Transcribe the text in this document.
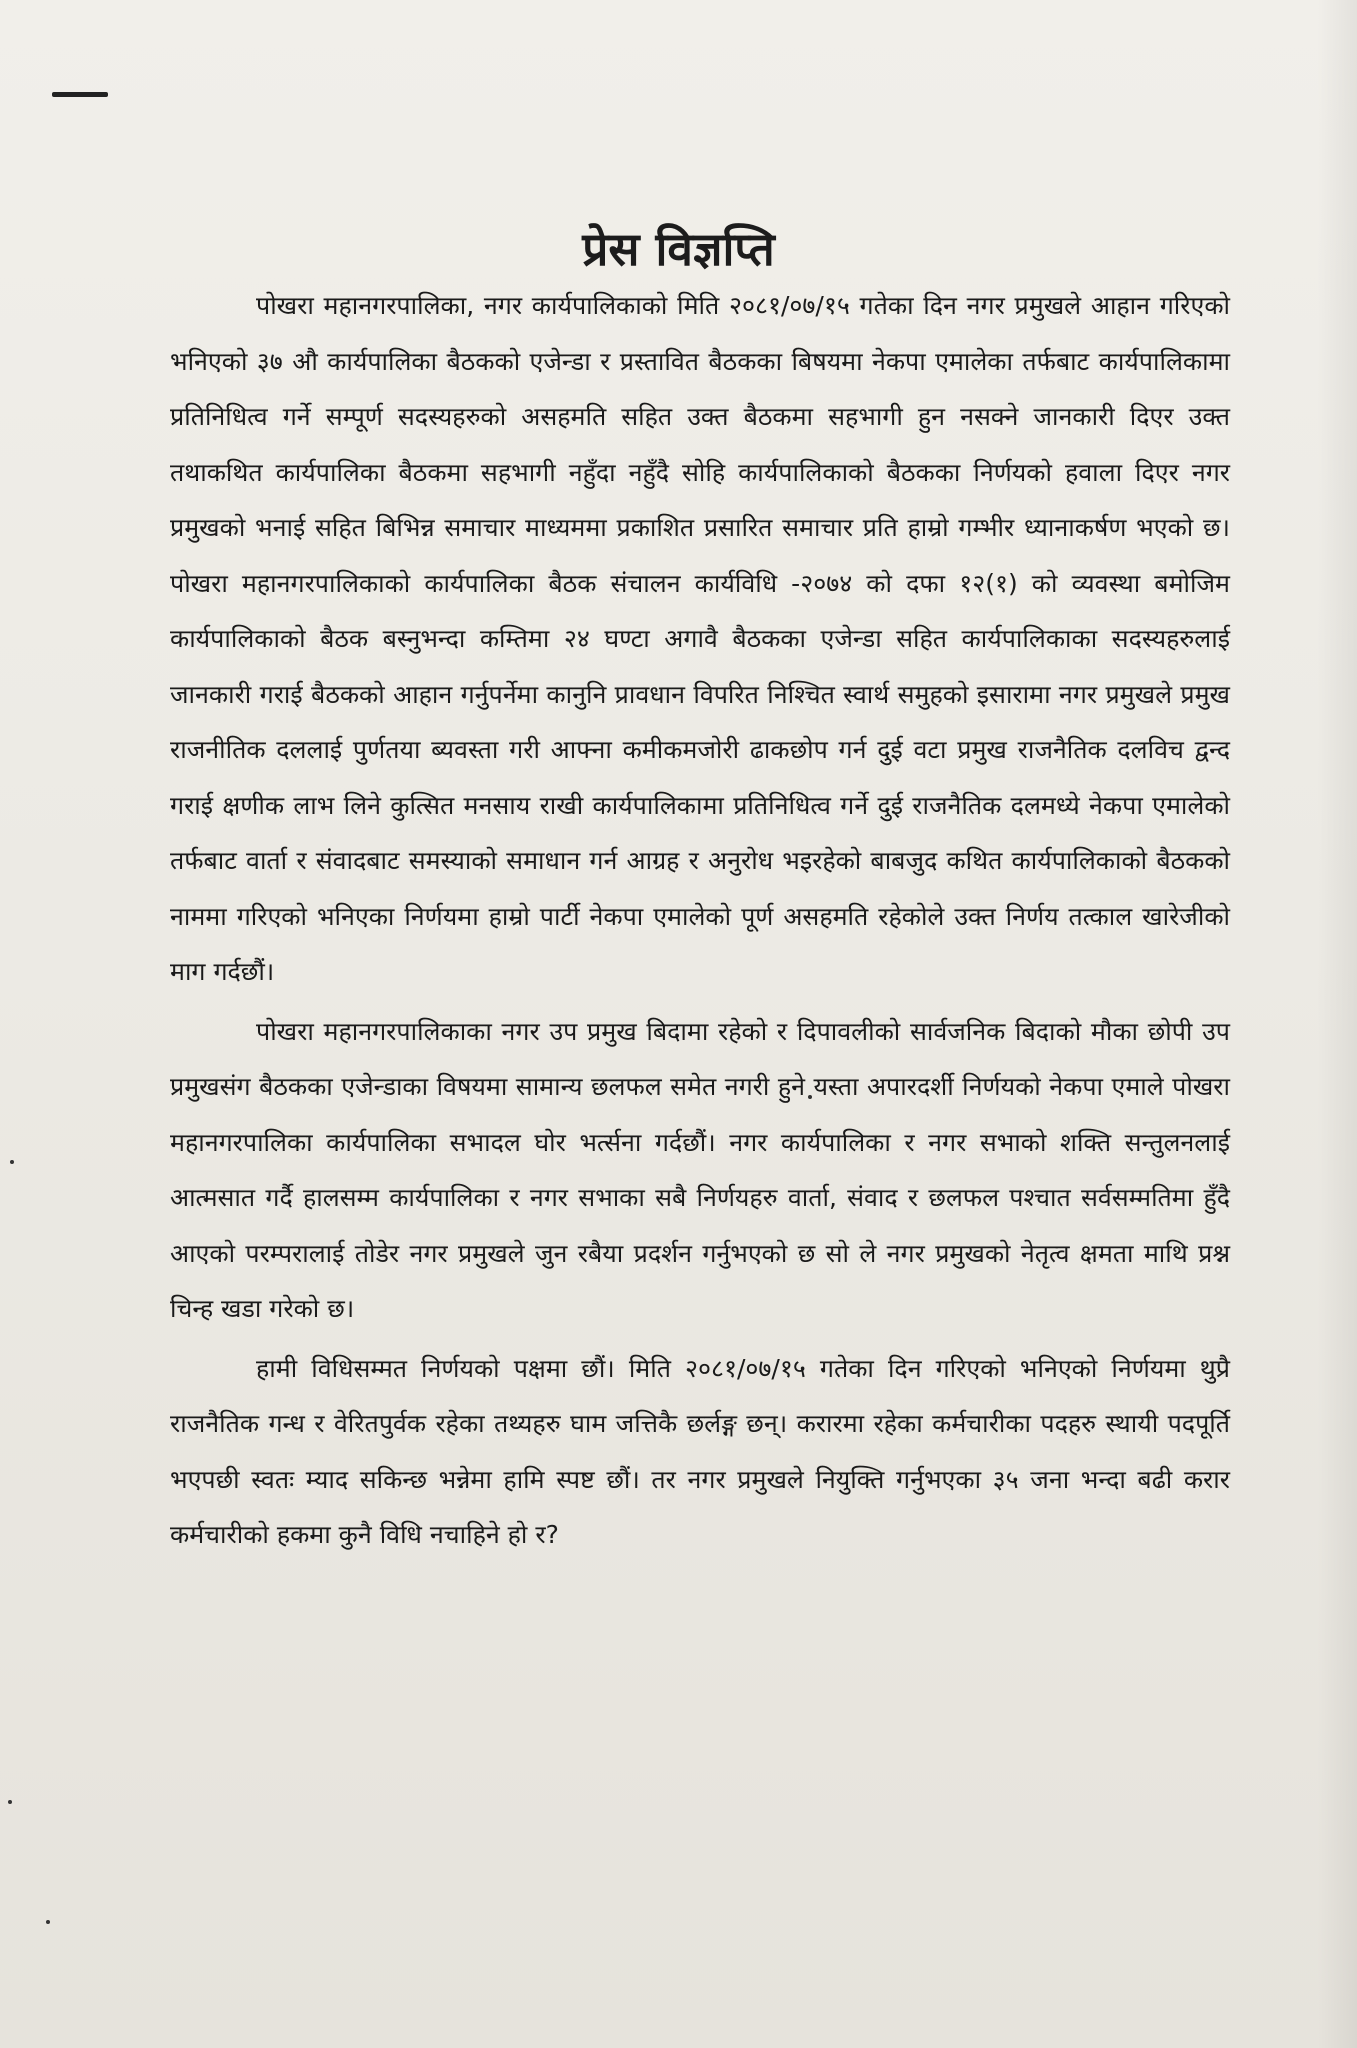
प्रेस विज्ञप्ति

पोखरा महानगरपालिका, नगर कार्यपालिकाको मिति २०८१/०७/१५ गतेका दिन नगर प्रमुखले आहान गरिएको भनिएको ३७ औ कार्यपालिका बैठकको एजेन्डा र प्रस्तावित बैठकका बिषयमा नेकपा एमालेका तर्फबाट कार्यपालिकामा प्रतिनिधित्व गर्ने सम्पूर्ण सदस्यहरुको असहमति सहित उक्त बैठकमा सहभागी हुन नसक्ने जानकारी दिएर उक्त तथाकथित कार्यपालिका बैठकमा सहभागी नहुँदा नहुँदै सोहि कार्यपालिकाको बैठकका निर्णयको हवाला दिएर नगर प्रमुखको भनाई सहित बिभिन्न समाचार माध्यममा प्रकाशित प्रसारित समाचार प्रति हाम्रो गम्भीर ध्यानाकर्षण भएको छ। पोखरा महानगरपालिकाको कार्यपालिका बैठक संचालन कार्यविधि -२०७४ को दफा १२(१) को व्यवस्था बमोजिम कार्यपालिकाको बैठक बस्नुभन्दा कम्तिमा २४ घण्टा अगावै बैठकका एजेन्डा सहित कार्यपालिकाका सदस्यहरुलाई जानकारी गराई बैठकको आहान गर्नुपर्नेमा कानुनि प्रावधान विपरित निश्चित स्वार्थ समुहको इसारामा नगर प्रमुखले प्रमुख राजनीतिक दललाई पुर्णतया ब्यवस्ता गरी आफ्ना कमीकमजोरी ढाकछोप गर्न दुई वटा प्रमुख राजनैतिक दलविच द्वन्द गराई क्षणीक लाभ लिने कुत्सित मनसाय राखी कार्यपालिकामा प्रतिनिधित्व गर्ने दुई राजनैतिक दलमध्ये नेकपा एमालेको तर्फबाट वार्ता र संवादबाट समस्याको समाधान गर्न आग्रह र अनुरोध भइरहेको बाबजुद कथित कार्यपालिकाको बैठकको नाममा गरिएको भनिएका निर्णयमा हाम्रो पार्टी नेकपा एमालेको पूर्ण असहमति रहेकोले उक्त निर्णय तत्काल खारेजीको माग गर्दछौं।

पोखरा महानगरपालिकाका नगर उप प्रमुख बिदामा रहेको र दिपावलीको सार्वजनिक बिदाको मौका छोपी उप प्रमुखसंग बैठकका एजेन्डाका विषयमा सामान्य छलफल समेत नगरी हुने यस्ता अपारदर्शी निर्णयको नेकपा एमाले पोखरा महानगरपालिका कार्यपालिका सभादल घोर भर्त्सना गर्दछौं। नगर कार्यपालिका र नगर सभाको शक्ति सन्तुलनलाई आत्मसात गर्दै हालसम्म कार्यपालिका र नगर सभाका सबै निर्णयहरु वार्ता, संवाद र छलफल पश्चात सर्वसम्मतिमा हुँदै आएको परम्परालाई तोडेर नगर प्रमुखले जुन रबैया प्रदर्शन गर्नुभएको छ सो ले नगर प्रमुखको नेतृत्व क्षमता माथि प्रश्न चिन्ह खडा गरेको छ।

हामी विधिसम्मत निर्णयको पक्षमा छौं। मिति २०८१/०७/१५ गतेका दिन गरिएको भनिएको निर्णयमा थुप्रै राजनैतिक गन्ध र वेरितपुर्वक रहेका तथ्यहरु घाम जत्तिकै छर्लङ्ग छन्। करारमा रहेका कर्मचारीका पदहरु स्थायी पदपूर्ति भएपछी स्वतः म्याद सकिन्छ भन्नेमा हामि स्पष्ट छौं। तर नगर प्रमुखले नियुक्ति गर्नुभएका ३५ जना भन्दा बढी करार कर्मचारीको हकमा कुनै विधि नचाहिने हो र?
